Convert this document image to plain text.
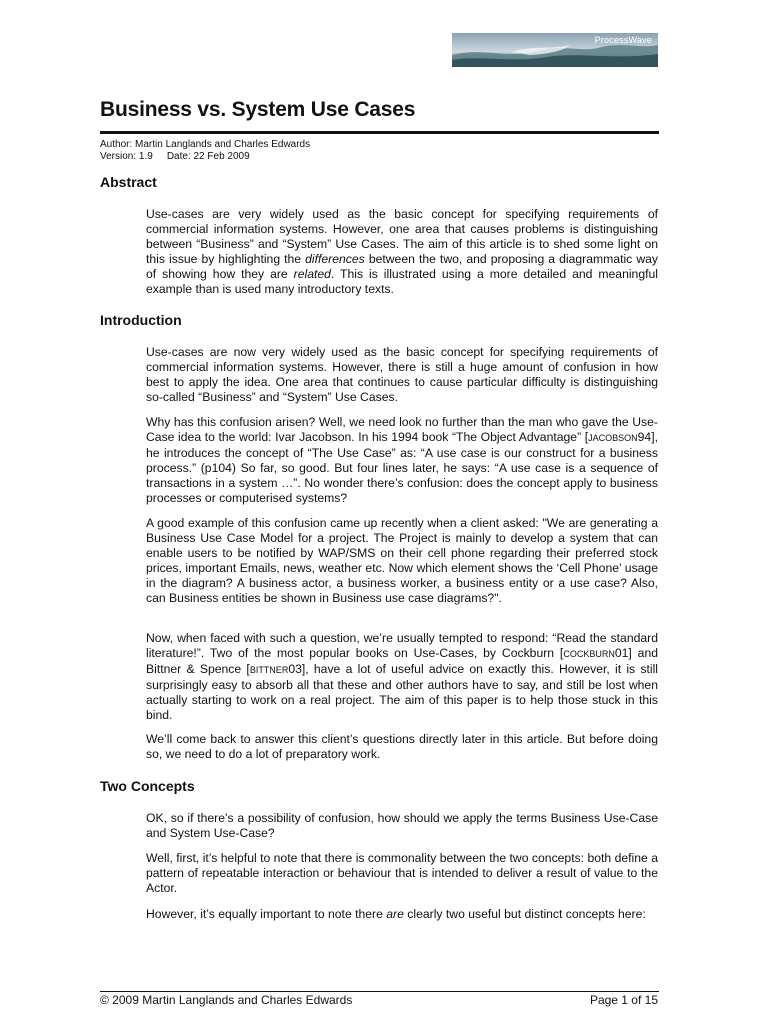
ProcessWave
Business vs. System Use Cases
Author: Martin Langlands and Charles Edwards
Version: 1.9 Date: 22 Feb 2009
Abstract

Use-cases are very widely used as the basic concept for specifying requirements of commercial information systems. However, one area that causes problems is distinguishing between “Business” and “System” Use Cases. The aim of this article is to shed some light on this issue by highlighting the differences between the two, and proposing a diagrammatic way of showing how they are related. This is illustrated using a more detailed and meaningful example than is used many introductory texts.

Introduction

Use-cases are now very widely used as the basic concept for specifying requirements of commercial information systems. However, there is still a huge amount of confusion in how best to apply the idea. One area that continues to cause particular difficulty is distinguishing so-called “Business” and “System” Use Cases.

Why has this confusion arisen? Well, we need look no further than the man who gave the Use-Case idea to the world: Ivar Jacobson. In his 1994 book “The Object Advantage” [JACOBSON94], he introduces the concept of “The Use Case” as: “A use case is our construct for a business process.” (p104) So far, so good. But four lines later, he says: “A use case is a sequence of transactions in a system …”. No wonder there’s confusion: does the concept apply to business processes or computerised systems?

A good example of this confusion came up recently when a client asked: "We are generating a Business Use Case Model for a project. The Project is mainly to develop a system that can enable users to be notified by WAP/SMS on their cell phone regarding their preferred stock prices, important Emails, news, weather etc. Now which element shows the ‘Cell Phone’ usage in the diagram? A business actor, a business worker, a business entity or a use case? Also, can Business entities be shown in Business use case diagrams?".

Now, when faced with such a question, we’re usually tempted to respond: “Read the standard literature!”. Two of the most popular books on Use-Cases, by Cockburn [COCKBURN01] and Bittner & Spence [BITTNER03], have a lot of useful advice on exactly this. However, it is still surprisingly easy to absorb all that these and other authors have to say, and still be lost when actually starting to work on a real project. The aim of this paper is to help those stuck in this bind.

We’ll come back to answer this client’s questions directly later in this article. But before doing so, we need to do a lot of preparatory work.

Two Concepts

OK, so if there’s a possibility of confusion, how should we apply the terms Business Use-Case and System Use-Case?

Well, first, it’s helpful to note that there is commonality between the two concepts: both define a pattern of repeatable interaction or behaviour that is intended to deliver a result of value to the Actor.

However, it’s equally important to note there are clearly two useful but distinct concepts here:

© 2009 Martin Langlands and Charles Edwards	Page 1 of 15
